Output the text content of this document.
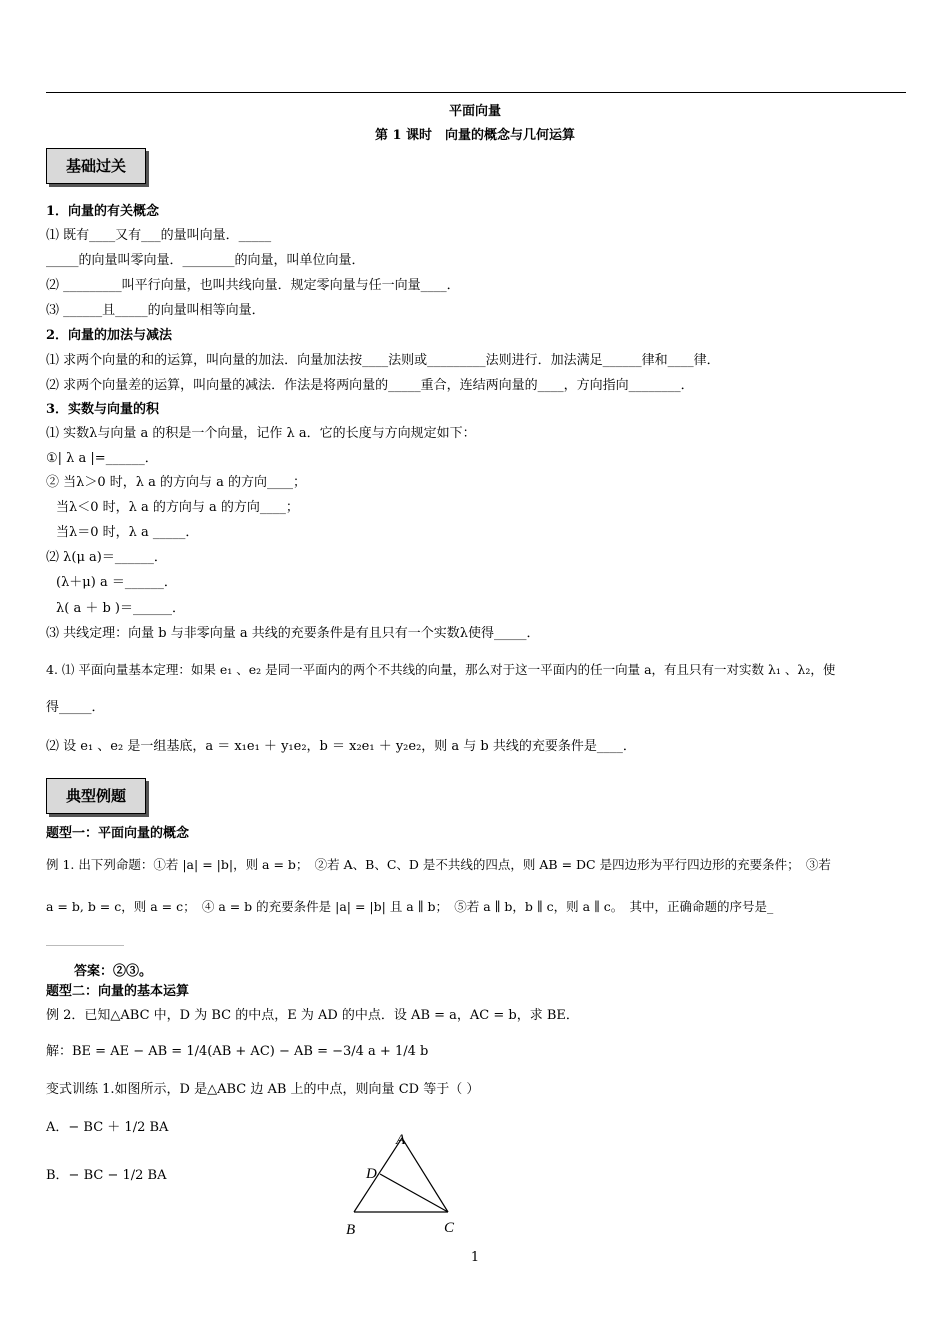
平面向量
第 1 课时　向量的概念与几何运算
基础过关
1．向量的有关概念
⑴ 既有____又有___的量叫向量．_____
_____的向量叫零向量．________的向量，叫单位向量．
⑵ _________叫平行向量，也叫共线向量．规定零向量与任一向量____．
⑶ ______且_____的向量叫相等向量．
2．向量的加法与减法
⑴ 求两个向量的和的运算，叫向量的加法．向量加法按____法则或_________法则进行．加法满足______律和____律．
⑵ 求两个向量差的运算，叫向量的减法．作法是将两向量的_____重合，连结两向量的____，方向指向________．
3．实数与向量的积
⑴ 实数λ与向量 a 的积是一个向量，记作 λ a．它的长度与方向规定如下：
①| λ a |=______．
② 当λ＞0 时，λ a 的方向与 a 的方向____；
当λ＜0 时，λ a 的方向与 a 的方向____；
当λ＝0 时，λ a _____．
⑵ λ(μ a)＝______．
(λ＋μ) a ＝______．
λ( a ＋ b )＝______．
⑶ 共线定理：向量 b 与非零向量 a 共线的充要条件是有且只有一个实数λ使得_____．
4. ⑴ 平面向量基本定理：如果 e₁ 、e₂ 是同一平面内的两个不共线的向量，那么对于这一平面内的任一向量 a，有且只有一对实数 λ₁ 、λ₂，使
得_____．
⑵ 设 e₁ 、e₂ 是一组基底，a ＝ x₁e₁ ＋ y₁e₂，b ＝ x₂e₁ ＋ y₂e₂，则 a 与 b 共线的充要条件是____．
典型例题
题型一：平面向量的概念
例 1. 出下列命题：①若 |a| = |b|，则 a = b；　②若 A、B、C、D 是不共线的四点，则 AB = DC 是四边形为平行四边形的充要条件；　③若
a = b, b = c，则 a = c；　④ a = b 的充要条件是 |a| = |b| 且 a ∥ b；　⑤若 a ∥ b，b ∥ c，则 a ∥ c。　其中，正确命题的序号是_
答案：②③。
题型二：向量的基本运算
例 2．已知△ABC 中，D 为 BC 的中点，E 为 AD 的中点．设 AB = a，AC = b，求 BE．
解：BE = AE − AB = 1/4(AB + AC) − AB = −3/4 a + 1/4 b
变式训练 1.如图所示，D 是△ABC 边 AB 上的中点，则向量 CD 等于（ ）
A．− BC ＋ 1/2 BA
B．− BC − 1/2 BA
A
D
B	C
1
